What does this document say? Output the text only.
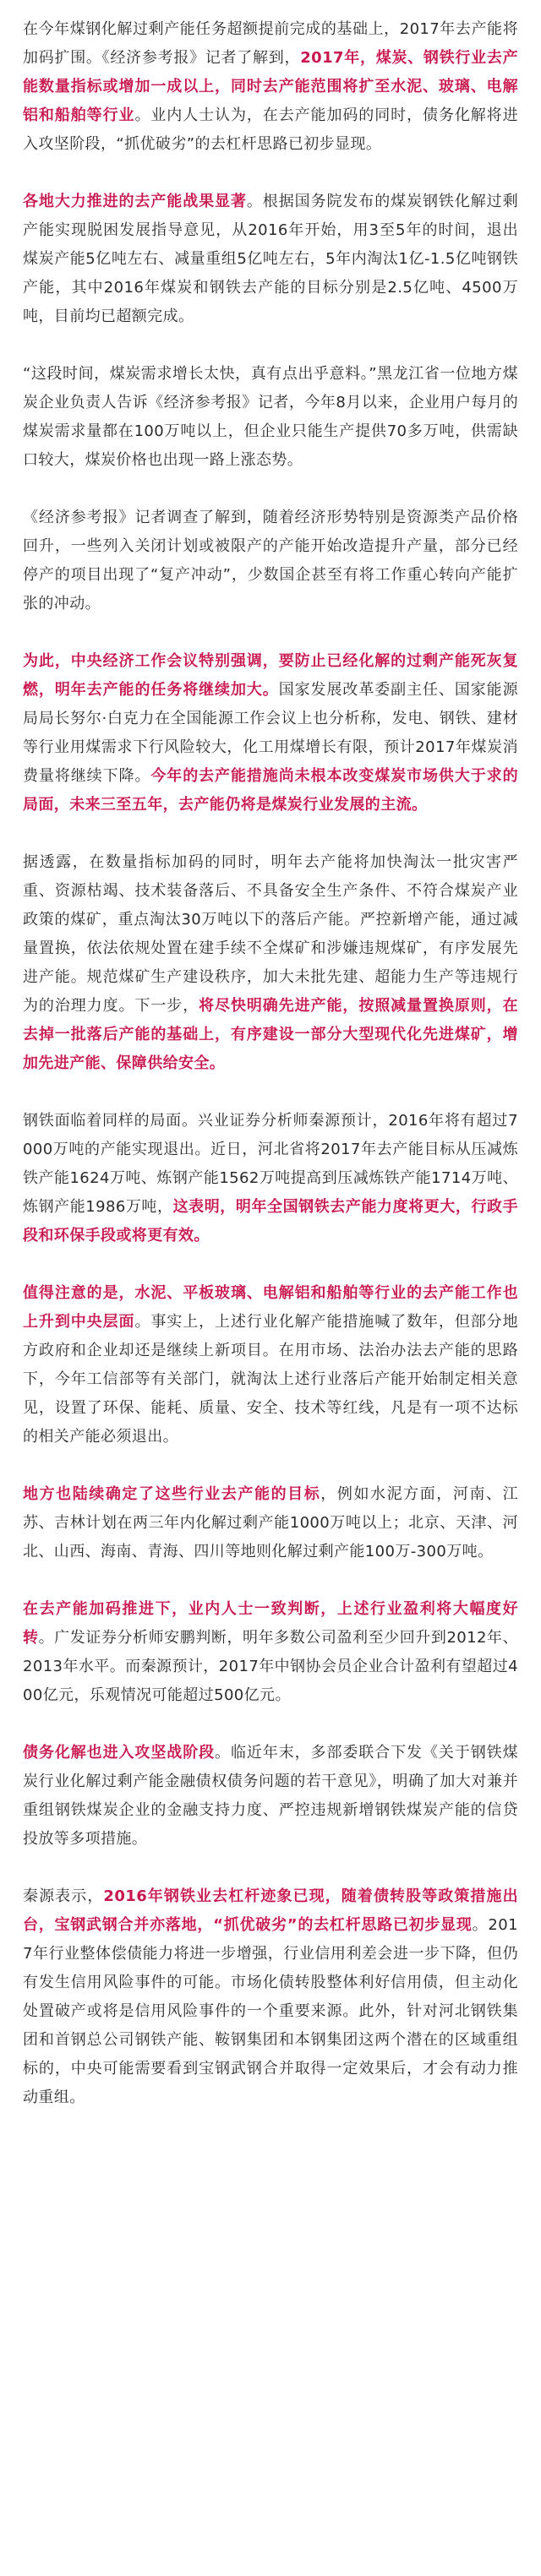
在今年煤钢化解过剩产能任务超额提前完成的基础上，2017年去产能将加码扩围。《经济参考报》记者了解到，2017年，煤炭、钢铁行业去产能数量指标或增加一成以上，同时去产能范围将扩至水泥、玻璃、电解铝和船舶等行业。业内人士认为，在去产能加码的同时，债务化解将进入攻坚阶段，“抓优破劣”的去杠杆思路已初步显现。

各地大力推进的去产能战果显著。根据国务院发布的煤炭钢铁化解过剩产能实现脱困发展指导意见，从2016年开始，用3至5年的时间，退出煤炭产能5亿吨左右、减量重组5亿吨左右，5年内淘汰1亿-1.5亿吨钢铁产能，其中2016年煤炭和钢铁去产能的目标分别是2.5亿吨、4500万吨，目前均已超额完成。

“这段时间，煤炭需求增长太快，真有点出乎意料。”黑龙江省一位地方煤炭企业负责人告诉《经济参考报》记者，今年8月以来，企业用户每月的煤炭需求量都在100万吨以上，但企业只能生产提供70多万吨，供需缺口较大，煤炭价格也出现一路上涨态势。

《经济参考报》记者调查了解到，随着经济形势特别是资源类产品价格回升，一些列入关闭计划或被限产的产能开始改造提升产量，部分已经停产的项目出现了“复产冲动”，少数国企甚至有将工作重心转向产能扩张的冲动。

为此，中央经济工作会议特别强调，要防止已经化解的过剩产能死灰复燃，明年去产能的任务将继续加大。国家发展改革委副主任、国家能源局局长努尔·白克力在全国能源工作会议上也分析称，发电、钢铁、建材等行业用煤需求下行风险较大，化工用煤增长有限，预计2017年煤炭消费量将继续下降。今年的去产能措施尚未根本改变煤炭市场供大于求的局面，未来三至五年，去产能仍将是煤炭行业发展的主流。

据透露，在数量指标加码的同时，明年去产能将加快淘汰一批灾害严重、资源枯竭、技术装备落后、不具备安全生产条件、不符合煤炭产业政策的煤矿，重点淘汰30万吨以下的落后产能。严控新增产能，通过减量置换，依法依规处置在建手续不全煤矿和涉嫌违规煤矿，有序发展先进产能。规范煤矿生产建设秩序，加大未批先建、超能力生产等违规行为的治理力度。下一步，将尽快明确先进产能，按照减量置换原则，在去掉一批落后产能的基础上，有序建设一部分大型现代化先进煤矿，增加先进产能、保障供给安全。

钢铁面临着同样的局面。兴业证券分析师秦源预计，2016年将有超过7000万吨的产能实现退出。近日，河北省将2017年去产能目标从压减炼铁产能1624万吨、炼钢产能1562万吨提高到压减炼铁产能1714万吨、炼钢产能1986万吨，这表明，明年全国钢铁去产能力度将更大，行政手段和环保手段或将更有效。

值得注意的是，水泥、平板玻璃、电解铝和船舶等行业的去产能工作也上升到中央层面。事实上，上述行业化解产能措施喊了数年，但部分地方政府和企业却还是继续上新项目。在用市场、法治办法去产能的思路下，今年工信部等有关部门，就淘汰上述行业落后产能开始制定相关意见，设置了环保、能耗、质量、安全、技术等红线，凡是有一项不达标的相关产能必须退出。

地方也陆续确定了这些行业去产能的目标，例如水泥方面，河南、江苏、吉林计划在两三年内化解过剩产能1000万吨以上；北京、天津、河北、山西、海南、青海、四川等地则化解过剩产能100万-300万吨。

在去产能加码推进下，业内人士一致判断，上述行业盈利将大幅度好转。广发证券分析师安鹏判断，明年多数公司盈利至少回升到2012年、2013年水平。而秦源预计，2017年中钢协会员企业合计盈利有望超过400亿元，乐观情况可能超过500亿元。

债务化解也进入攻坚战阶段。临近年末，多部委联合下发《关于钢铁煤炭行业化解过剩产能金融债权债务问题的若干意见》，明确了加大对兼并重组钢铁煤炭企业的金融支持力度、严控违规新增钢铁煤炭产能的信贷投放等多项措施。

秦源表示，2016年钢铁业去杠杆迹象已现，随着债转股等政策措施出台，宝钢武钢合并亦落地，“抓优破劣”的去杠杆思路已初步显现。2017年行业整体偿债能力将进一步增强，行业信用利差会进一步下降，但仍有发生信用风险事件的可能。市场化债转股整体利好信用债，但主动化处置破产或将是信用风险事件的一个重要来源。此外，针对河北钢铁集团和首钢总公司钢铁产能、鞍钢集团和本钢集团这两个潜在的区域重组标的，中央可能需要看到宝钢武钢合并取得一定效果后，才会有动力推动重组。
